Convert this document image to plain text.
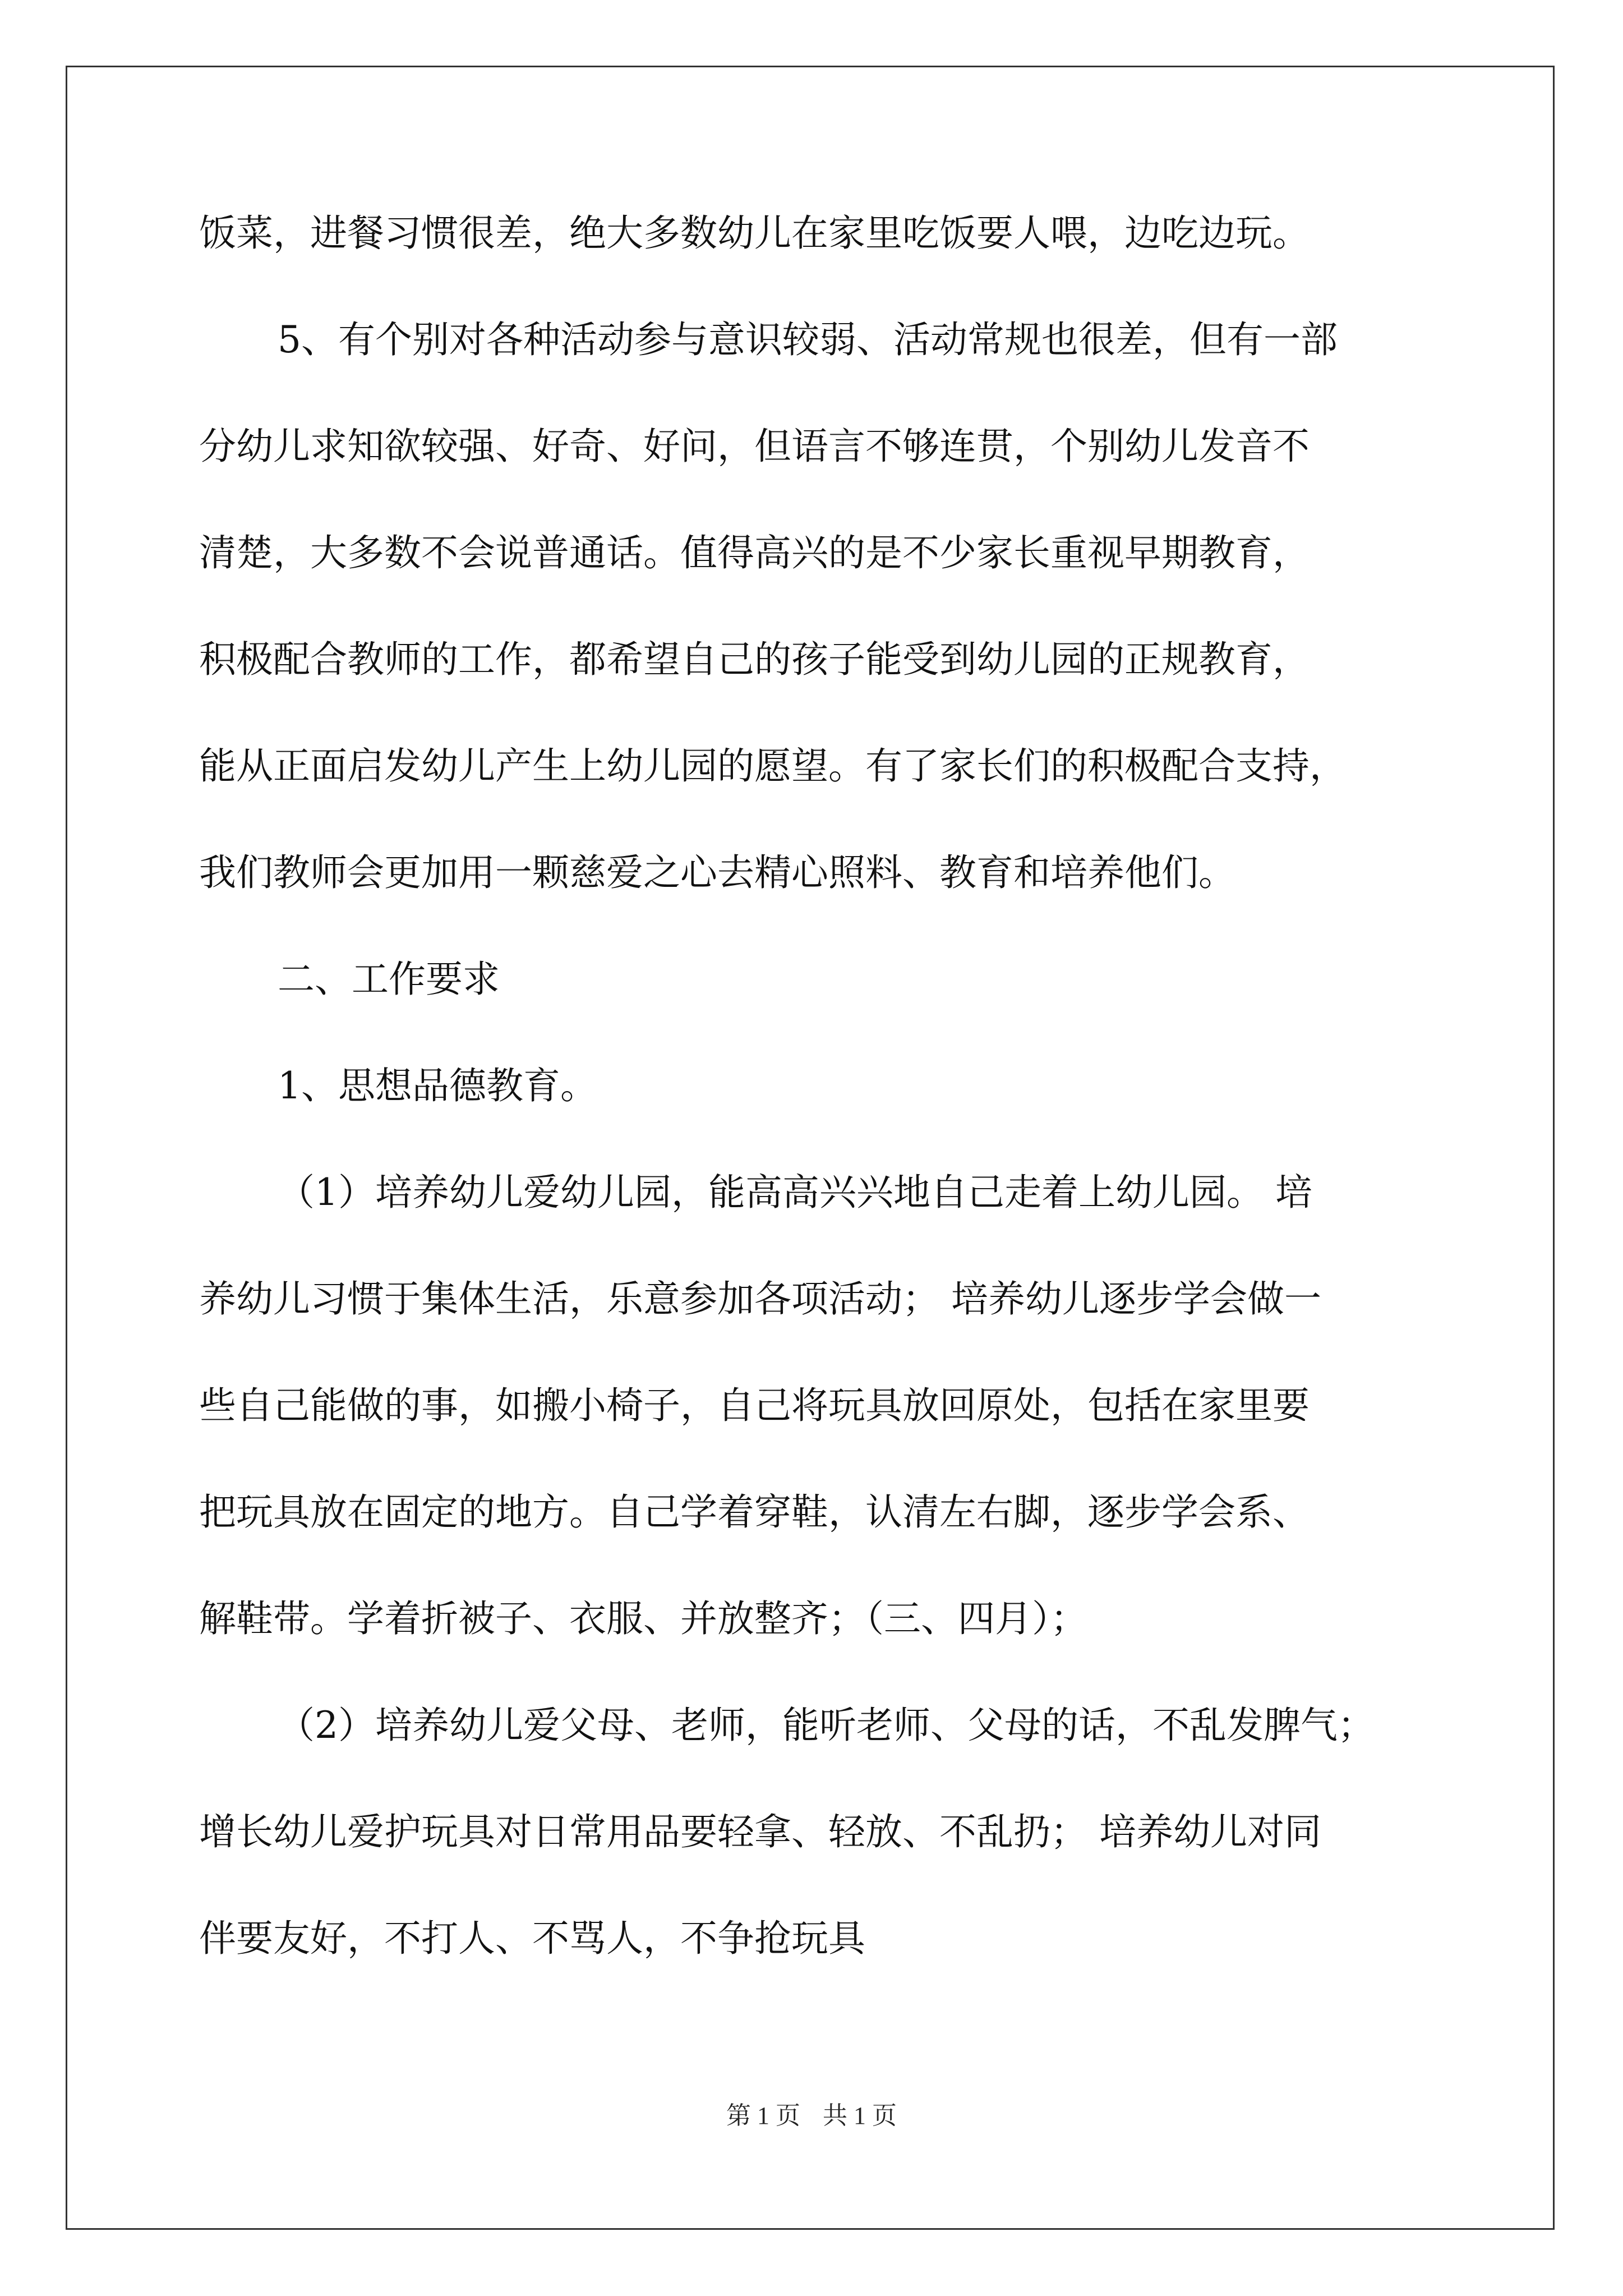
饭菜，进餐习惯很差，绝大多数幼儿在家里吃饭要人喂，边吃边玩。
5、有个别对各种活动参与意识较弱、活动常规也很差，但有一部
分幼儿求知欲较强、好奇、好问，但语言不够连贯，个别幼儿发音不
清楚，大多数不会说普通话。值得高兴的是不少家长重视早期教育，
积极配合教师的工作，都希望自己的孩子能受到幼儿园的正规教育，
能从正面启发幼儿产生上幼儿园的愿望。有了家长们的积极配合支持，
我们教师会更加用一颗慈爱之心去精心照料、教育和培养他们。
二、工作要求
1、思想品德教育。
（1）培养幼儿爱幼儿园，能高高兴兴地自己走着上幼儿园。 培
养幼儿习惯于集体生活，乐意参加各项活动； 培养幼儿逐步学会做一
些自己能做的事，如搬小椅子，自己将玩具放回原处，包括在家里要
把玩具放在固定的地方。自己学着穿鞋，认清左右脚，逐步学会系、
解鞋带。学着折被子、衣服、并放整齐；（三、四月）；
（2）培养幼儿爱父母、老师，能听老师、父母的话，不乱发脾气；
增长幼儿爱护玩具对日常用品要轻拿、轻放、不乱扔； 培养幼儿对同
伴要友好，不打人、不骂人，不争抢玩具
第 1 页 共 1 页
